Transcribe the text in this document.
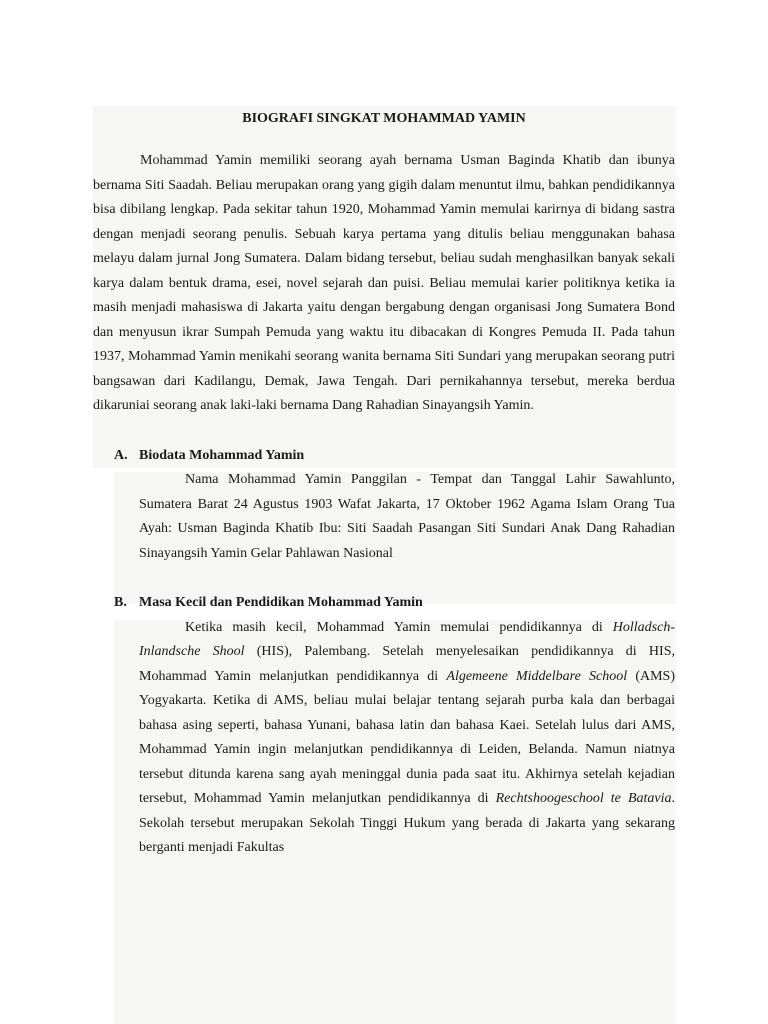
BIOGRAFI SINGKAT MOHAMMAD YAMIN

Mohammad Yamin memiliki seorang ayah bernama Usman Baginda Khatib dan ibunya bernama Siti Saadah. Beliau merupakan orang yang gigih dalam menuntut ilmu, bahkan pendidikannya bisa dibilang lengkap. Pada sekitar tahun 1920, Mohammad Yamin memulai karirnya di bidang sastra dengan menjadi seorang penulis. Sebuah karya pertama yang ditulis beliau menggunakan bahasa melayu dalam jurnal Jong Sumatera. Dalam bidang tersebut, beliau sudah menghasilkan banyak sekali karya dalam bentuk drama, esei, novel sejarah dan puisi. Beliau memulai karier politiknya ketika ia masih menjadi mahasiswa di Jakarta yaitu dengan bergabung dengan organisasi Jong Sumatera Bond dan menyusun ikrar Sumpah Pemuda yang waktu itu dibacakan di Kongres Pemuda II. Pada tahun 1937, Mohammad Yamin menikahi seorang wanita bernama Siti Sundari yang merupakan seorang putri bangsawan dari Kadilangu, Demak, Jawa Tengah. Dari pernikahannya tersebut, mereka berdua dikaruniai seorang anak laki-laki bernama Dang Rahadian Sinayangsih Yamin.

A. Biodata Mohammad Yamin

Nama Mohammad Yamin Panggilan - Tempat dan Tanggal Lahir Sawahlunto, Sumatera Barat 24 Agustus 1903 Wafat Jakarta, 17 Oktober 1962 Agama Islam Orang Tua Ayah: Usman Baginda Khatib Ibu: Siti Saadah Pasangan Siti Sundari Anak Dang Rahadian Sinayangsih Yamin Gelar Pahlawan Nasional

B. Masa Kecil dan Pendidikan Mohammad Yamin

Ketika masih kecil, Mohammad Yamin memulai pendidikannya di Holladsch-Inlandsche Shool (HIS), Palembang. Setelah menyelesaikan pendidikannya di HIS, Mohammad Yamin melanjutkan pendidikannya di Algemeene Middelbare School (AMS) Yogyakarta. Ketika di AMS, beliau mulai belajar tentang sejarah purba kala dan berbagai bahasa asing seperti, bahasa Yunani, bahasa latin dan bahasa Kaei. Setelah lulus dari AMS, Mohammad Yamin ingin melanjutkan pendidikannya di Leiden, Belanda. Namun niatnya tersebut ditunda karena sang ayah meninggal dunia pada saat itu. Akhirnya setelah kejadian tersebut, Mohammad Yamin melanjutkan pendidikannya di Rechtshoogeschool te Batavia. Sekolah tersebut merupakan Sekolah Tinggi Hukum yang berada di Jakarta yang sekarang berganti menjadi Fakultas
